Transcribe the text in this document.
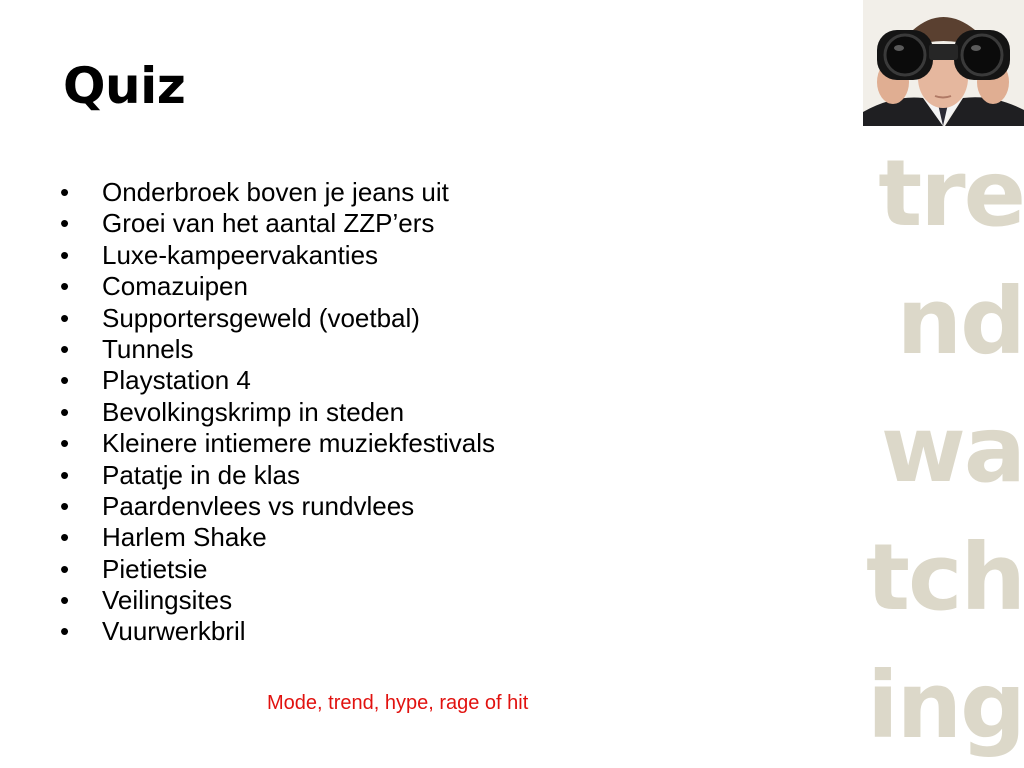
Quiz
• Onderbroek boven je jeans uit
• Groei van het aantal ZZP’ers
• Luxe-kampeervakanties
• Comazuipen
• Supportersgeweld (voetbal)
• Tunnels
• Playstation 4
• Bevolkingskrimp in steden
• Kleinere intiemere muziekfestivals
• Patatje in de klas
• Paardenvlees vs rundvlees
• Harlem Shake
• Pietietsie
• Veilingsites
• Vuurwerkbril
Mode, trend, hype, rage of hit
tre
nd
wa
tch
ing
